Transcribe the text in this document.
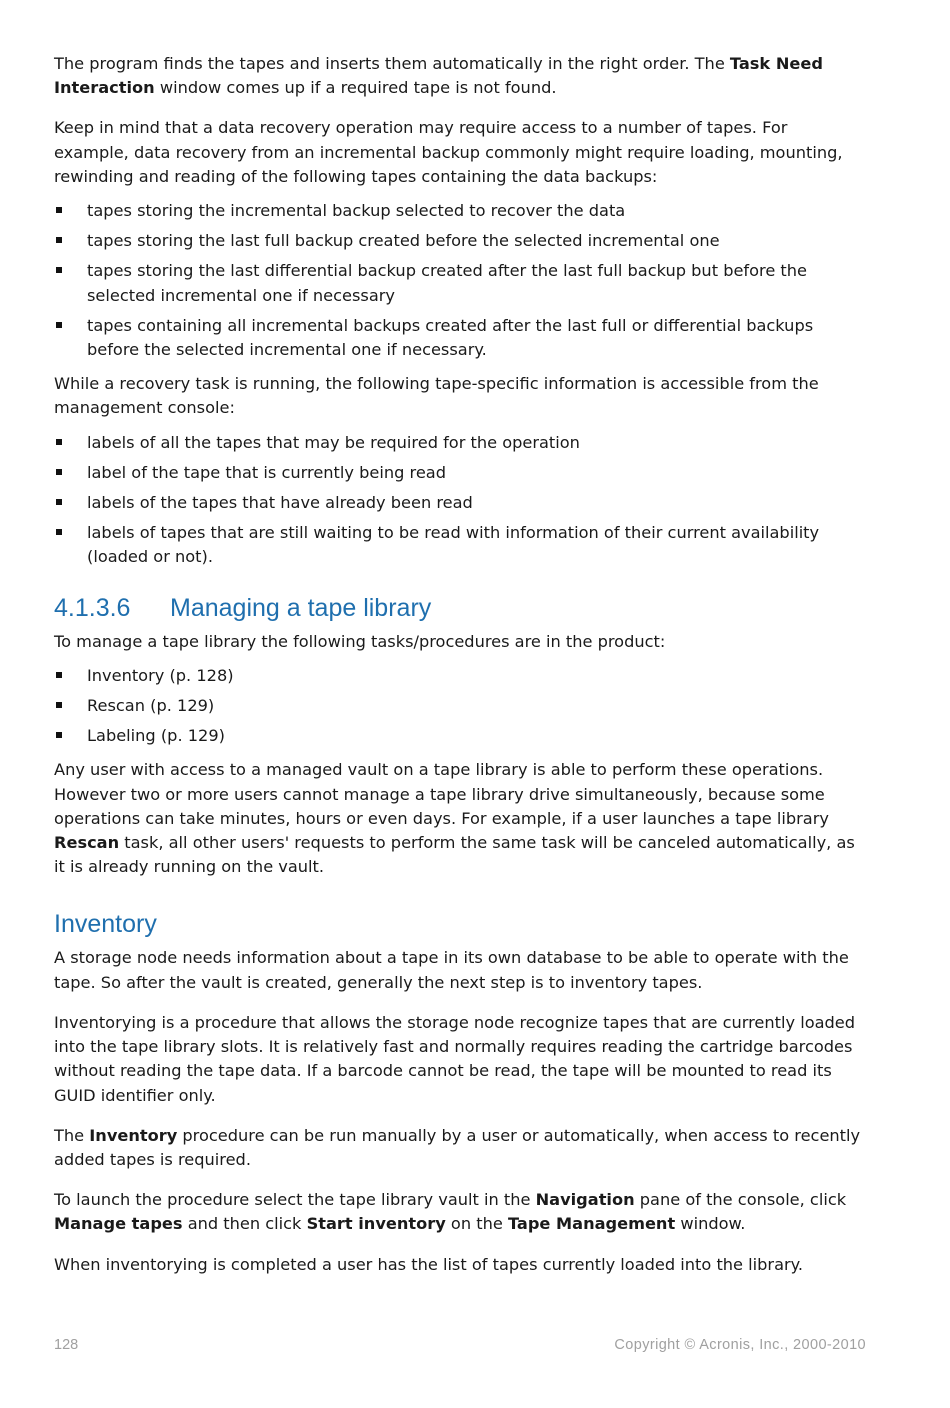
The program finds the tapes and inserts them automatically in the right order. The Task Need Interaction window comes up if a required tape is not found.

Keep in mind that a data recovery operation may require access to a number of tapes. For example, data recovery from an incremental backup commonly might require loading, mounting, rewinding and reading of the following tapes containing the data backups:

tapes storing the incremental backup selected to recover the data
tapes storing the last full backup created before the selected incremental one
tapes storing the last differential backup created after the last full backup but before the selected incremental one if necessary
tapes containing all incremental backups created after the last full or differential backups before the selected incremental one if necessary.

While a recovery task is running, the following tape-specific information is accessible from the management console:

labels of all the tapes that may be required for the operation
label of the tape that is currently being read
labels of the tapes that have already been read
labels of tapes that are still waiting to be read with information of their current availability (loaded or not).
4.1.3.6 Managing a tape library

To manage a tape library the following tasks/procedures are in the product:

Inventory (p. 128)
Rescan (p. 129)
Labeling (p. 129)

Any user with access to a managed vault on a tape library is able to perform these operations. However two or more users cannot manage a tape library drive simultaneously, because some operations can take minutes, hours or even days. For example, if a user launches a tape library Rescan task, all other users' requests to perform the same task will be canceled automatically, as it is already running on the vault.

Inventory

A storage node needs information about a tape in its own database to be able to operate with the tape. So after the vault is created, generally the next step is to inventory tapes.

Inventorying is a procedure that allows the storage node recognize tapes that are currently loaded into the tape library slots. It is relatively fast and normally requires reading the cartridge barcodes without reading the tape data. If a barcode cannot be read, the tape will be mounted to read its GUID identifier only.

The Inventory procedure can be run manually by a user or automatically, when access to recently added tapes is required.

To launch the procedure select the tape library vault in the Navigation pane of the console, click Manage tapes and then click Start inventory on the Tape Management window.

When inventorying is completed a user has the list of tapes currently loaded into the library.

128	Copyright © Acronis, Inc., 2000-2010
